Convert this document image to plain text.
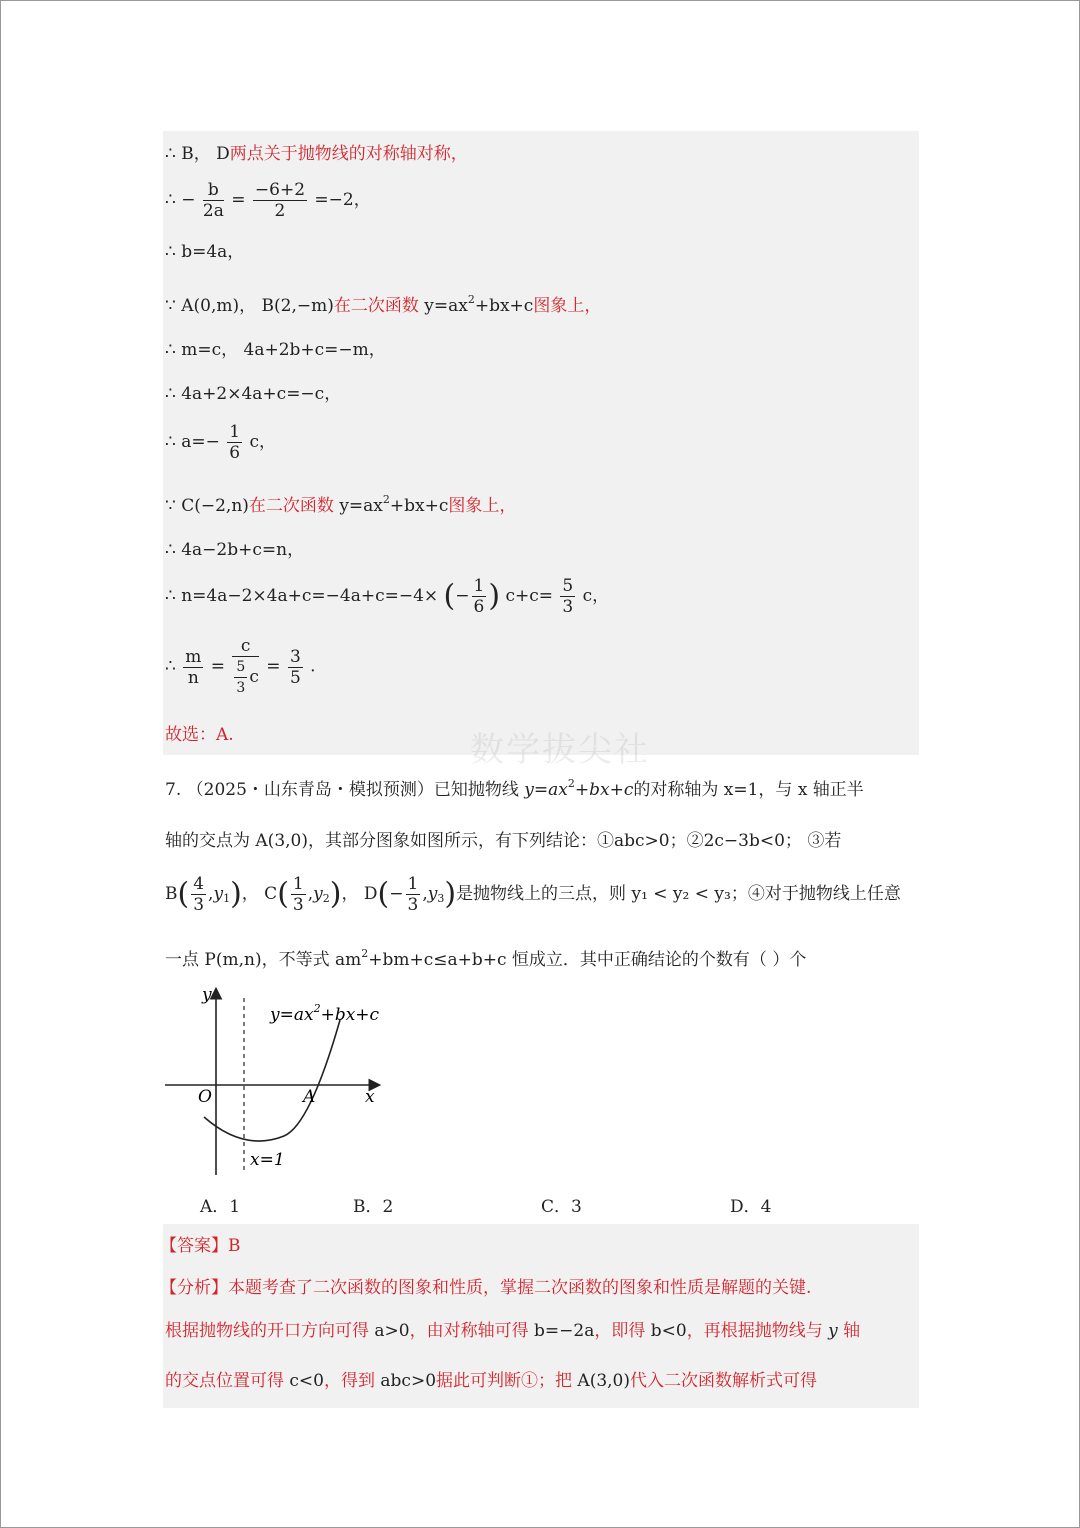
数学拔尖社
∴ B， D两点关于抛物线的对称轴对称，
∴ − $\frac{b}{2a} = \frac{-6+2}{2} =-2$，
∴ b=4a，
∵ A(0,m)， B(2,−m)在二次函数 $y=ax^2+bx+c$图象上，
∴ m=c， 4a+2b+c=−m，
∴ 4a+2×4a+c=−c，
∴ $a=- \frac{1}{6}$ c，
∵ C(−2,n)在二次函数 $y=ax^2+bx+c$图象上，
∴ 4a−2b+c=n，
∴ n=4a−2×4a+c=−4a+c=−4× (− $\frac{1}{6}$ ) $c+c= \frac{5}{3}$ c，
∴ $\frac{m}{n} = \frac{c}{\frac{5}{3} c} = \frac{3}{5}$ .
故选：A.
7. （2025・山东青岛・模拟预测）已知抛物线 $y=ax^2+bx+c$的对称轴为 x=1，与 x 轴正半
轴的交点为 A(3,0)，其部分图象如图所示，有下列结论：①abc>0；②2c−3b<0； ③若
$B( \frac{4}{3} ,y_1)$， $C( \frac{1}{3} ,y_2)$， $D(- \frac{1}{3} ,y_3)$是抛物线上的三点，则 y₁ < y₂ < y₃；④对于抛物线上任意
一点 P(m,n)，不等式 $am^2+bm+c\le a+b+c$ 恒成立．其中正确结论的个数有（ ）个
y
x
O	A
$y=ax^2+bx+c$
x=1
A．1	B．2	C．3	D．4
【答案】B
【分析】本题考查了二次函数的图象和性质，掌握二次函数的图象和性质是解题的关键.
根据抛物线的开口方向可得 a>0，由对称轴可得 b=−2a，即得 b<0，再根据抛物线与 y 轴
的交点位置可得 c<0，得到 abc>0据此可判断①；把 A(3,0)代入二次函数解析式可得
